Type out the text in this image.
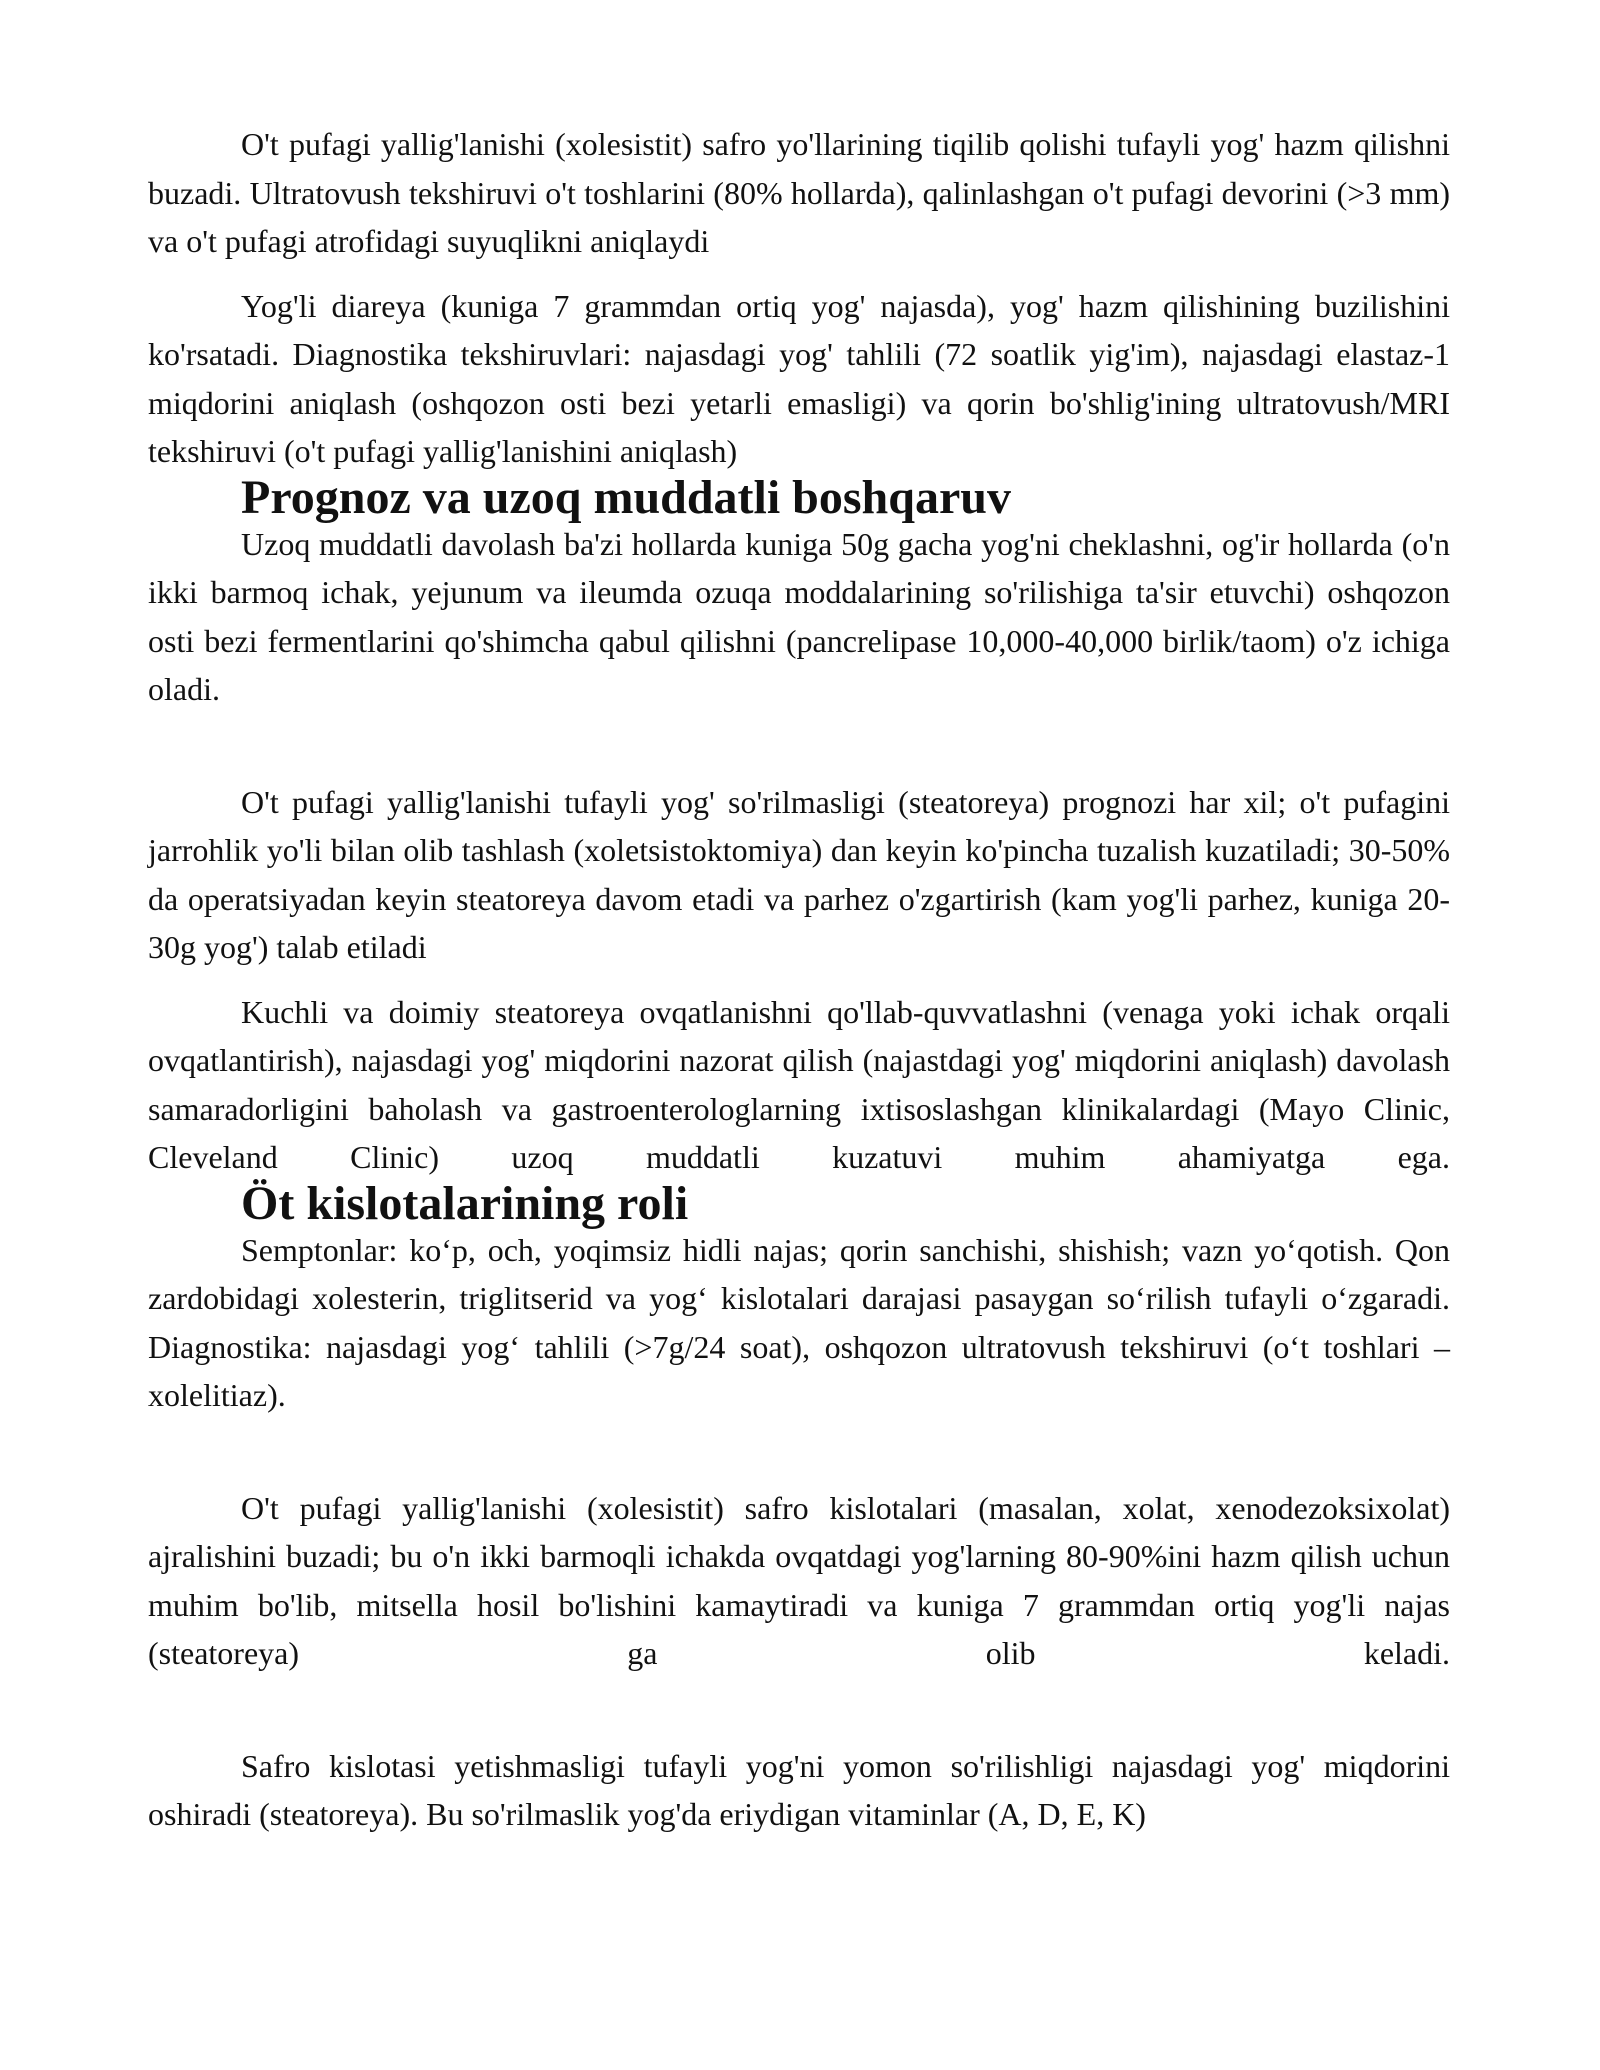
O't pufagi yallig'lanishi (xolesistit) safro yo'llarining tiqilib qolishi tufayli yog' hazm qilishni buzadi. Ultratovush tekshiruvi o't toshlarini (80% hollarda), qalinlashgan o't pufagi devorini (>3 mm) va o't pufagi atrofidagi suyuqlikni aniqlaydi

Yog'li diareya (kuniga 7 grammdan ortiq yog' najasda), yog' hazm qilishining buzilishini ko'rsatadi. Diagnostika tekshiruvlari: najasdagi yog' tahlili (72 soatlik yig'im), najasdagi elastaz-1 miqdorini aniqlash (oshqozon osti bezi yetarli emasligi) va qorin bo'shlig'ining ultratovush/MRI tekshiruvi (o't pufagi yallig'lanishini aniqlash)

Prognoz va uzoq muddatli boshqaruv

Uzoq muddatli davolash ba'zi hollarda kuniga 50g gacha yog'ni cheklashni, og'ir hollarda (o'n ikki barmoq ichak, yejunum va ileumda ozuqa moddalarining so'rilishiga ta'sir etuvchi) oshqozon osti bezi fermentlarini qo'shimcha qabul qilishni (pancrelipase 10,000-40,000 birlik/taom) o'z ichiga oladi.

O't pufagi yallig'lanishi tufayli yog' so'rilmasligi (steatoreya) prognozi har xil; o't pufagini jarrohlik yo'li bilan olib tashlash (xoletsistoktomiya) dan keyin ko'pincha tuzalish kuzatiladi; 30-50% da operatsiyadan keyin steatoreya davom etadi va parhez o'zgartirish (kam yog'li parhez, kuniga 20-30g yog') talab etiladi

Kuchli va doimiy steatoreya ovqatlanishni qo'llab-quvvatlashni (venaga yoki ichak orqali ovqatlantirish), najasdagi yog' miqdorini nazorat qilish (najastdagi yog' miqdorini aniqlash) davolash samaradorligini baholash va gastroenterologlarning ixtisoslashgan klinikalardagi (Mayo Clinic, Cleveland Clinic) uzoq muddatli kuzatuvi muhim ahamiyatga ega.

Öt kislotalarining roli

Semptonlar: ko‘p, och, yoqimsiz hidli najas; qorin sanchishi, shishish; vazn yo‘qotish. Qon zardobidagi xolesterin, triglitserid va yog‘ kislotalari darajasi pasaygan so‘rilish tufayli o‘zgaradi. Diagnostika: najasdagi yog‘ tahlili (>7g/24 soat), oshqozon ultratovush tekshiruvi (o‘t toshlari – xolelitiaz).

O't pufagi yallig'lanishi (xolesistit) safro kislotalari (masalan, xolat, xenodezoksixolat) ajralishini buzadi; bu o'n ikki barmoqli ichakda ovqatdagi yog'larning 80-90%ini hazm qilish uchun muhim bo'lib, mitsella hosil bo'lishini kamaytiradi va kuniga 7 grammdan ortiq yog'li najas (steatoreya) ga olib keladi.

Safro kislotasi yetishmasligi tufayli yog'ni yomon so'rilishligi najasdagi yog' miqdorini oshiradi (steatoreya). Bu so'rilmaslik yog'da eriydigan vitaminlar (A, D, E, K)
